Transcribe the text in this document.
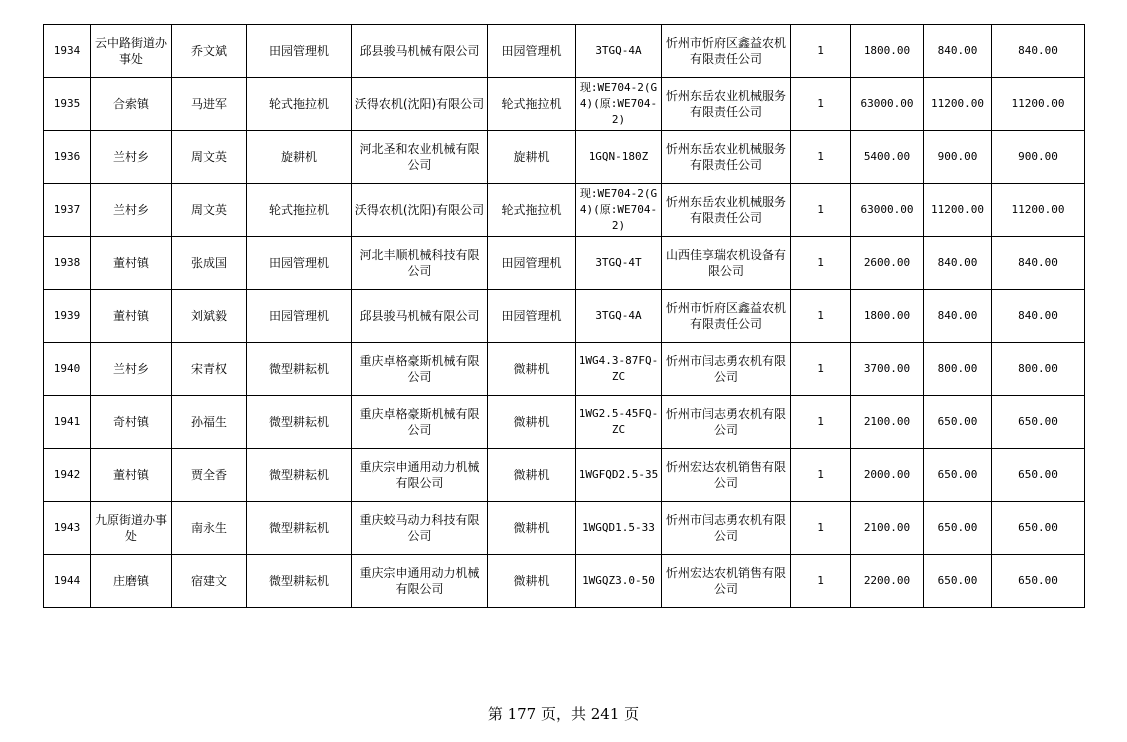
1934	云中路街道办事处	乔文斌	田园管理机	邱县骏马机械有限公司	田园管理机	3TGQ-4A	忻州市忻府区鑫益农机有限责任公司	1	1800.00	840.00	840.00
1935	合索镇	马进军	轮式拖拉机	沃得农机(沈阳)有限公司	轮式拖拉机	现:WE704-2(G4)(原:WE704-2)	忻州东岳农业机械服务有限责任公司	1	63000.00	11200.00	11200.00
1936	兰村乡	周文英	旋耕机	河北圣和农业机械有限公司	旋耕机	1GQN-180Z	忻州东岳农业机械服务有限责任公司	1	5400.00	900.00	900.00
1937	兰村乡	周文英	轮式拖拉机	沃得农机(沈阳)有限公司	轮式拖拉机	现:WE704-2(G4)(原:WE704-2)	忻州东岳农业机械服务有限责任公司	1	63000.00	11200.00	11200.00
1938	董村镇	张成国	田园管理机	河北丰顺机械科技有限公司	田园管理机	3TGQ-4T	山西佳享瑞农机设备有限公司	1	2600.00	840.00	840.00
1939	董村镇	刘斌毅	田园管理机	邱县骏马机械有限公司	田园管理机	3TGQ-4A	忻州市忻府区鑫益农机有限责任公司	1	1800.00	840.00	840.00
1940	兰村乡	宋青权	微型耕耘机	重庆卓格豪斯机械有限公司	微耕机	1WG4.3-87FQ-ZC	忻州市闫志勇农机有限公司	1	3700.00	800.00	800.00
1941	奇村镇	孙福生	微型耕耘机	重庆卓格豪斯机械有限公司	微耕机	1WG2.5-45FQ-ZC	忻州市闫志勇农机有限公司	1	2100.00	650.00	650.00
1942	董村镇	贾全香	微型耕耘机	重庆宗申通用动力机械有限公司	微耕机	1WGFQD2.5-35	忻州宏达农机销售有限公司	1	2000.00	650.00	650.00
1943	九原街道办事处	南永生	微型耕耘机	重庆蛟马动力科技有限公司	微耕机	1WGQD1.5-33	忻州市闫志勇农机有限公司	1	2100.00	650.00	650.00
1944	庄磨镇	宿建文	微型耕耘机	重庆宗申通用动力机械有限公司	微耕机	1WGQZ3.0-50	忻州宏达农机销售有限公司	1	2200.00	650.00	650.00
第 177 页，共 241 页
